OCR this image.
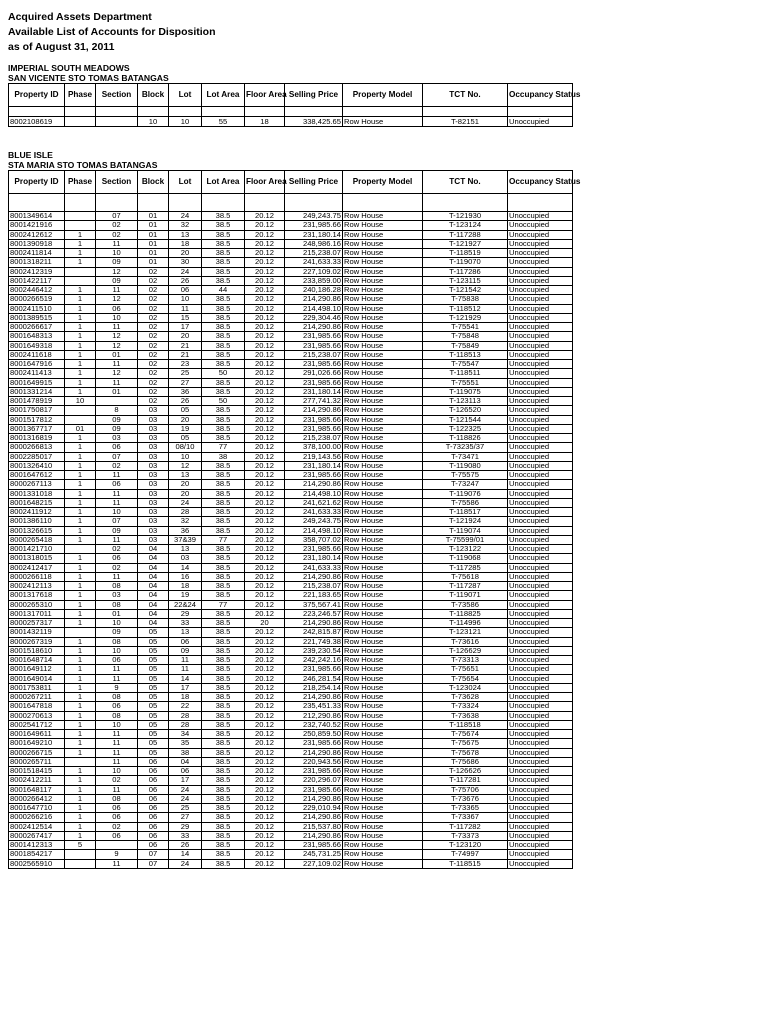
Acquired Assets Department
Available List of Accounts for Disposition
as of August 31, 2011
IMPERIAL SOUTH MEADOWS
SAN VICENTE STO TOMAS BATANGAS
Property ID	Phase	Section	Block	Lot	Lot Area	Floor Area	Selling Price	Property Model	TCT No.	Occupancy Status

8002108619			10	10	55	18	338,425.65	Row House	T-82151	Unoccupied
BLUE ISLE
STA MARIA STO TOMAS BATANGAS
Property ID	Phase	Section	Block	Lot	Lot Area	Floor Area	Selling Price	Property Model	TCT No.	Occupancy Status

8001349614		07	01	24	38.5	20.12	249,243.75	Row House	T-121930	Unoccupied
8001421916		02	01	32	38.5	20.12	231,985.66	Row House	T-123124	Unoccupied
8002412612	1	02	01	13	38.5	20.12	231,180.14	Row House	T-117288	Unoccupied
8001390918	1	11	01	18	38.5	20.12	248,986.16	Row House	T-121927	Unoccupied
8002411814	1	10	01	20	38.5	20.12	215,238.07	Row House	T-118519	Unoccupied
8001318211	1	09	01	30	38.5	20.12	241,633.33	Row House	T-119070	Unoccupied
8002412319		12	02	24	38.5	20.12	227,109.02	Row House	T-117286	Unoccupied
8001422117		09	02	26	38.5	20.12	233,859.00	Row House	T-123115	Unoccupied
8002446412	1	11	02	06	44	20.12	240,186.28	Row House	T-121542	Unoccupied
8000266519	1	12	02	10	38.5	20.12	214,290.86	Row House	T-75838	Unoccupied
8002411510	1	06	02	11	38.5	20.12	214,498.10	Row House	T-118512	Unoccupied
8001389515	1	10	02	15	38.5	20.12	229,304.46	Row House	T-121929	Unoccupied
8000266617	1	11	02	17	38.5	20.12	214,290.86	Row House	T-75541	Unoccupied
8001648313	1	12	02	20	38.5	20.12	231,985.66	Row House	T-75848	Unoccupied
8001649318	1	12	02	21	38.5	20.12	231,985.66	Row House	T-75849	Unoccupied
8002411618	1	01	02	21	38.5	20.12	215,238.07	Row House	T-118513	Unoccupied
8001647916	1	11	02	23	38.5	20.12	231,985.66	Row House	T-75547	Unoccupied
8002411413	1	12	02	25	50	20.12	291,026.66	Row House	T-118511	Unoccupied
8001649915	1	11	02	27	38.5	20.12	231,985.66	Row House	T-75551	Unoccupied
8001331214	1	01	02	36	38.5	20.12	231,180.14	Row House	T-119075	Unoccupied
8001478919	10		02	26	50	20.12	277,741.32	Row House	T-123113	Unoccupied
8001750817		8	03	05	38.5	20.12	214,290.86	Row House	T-126520	Unoccupied
8001517812		09	03	20	38.5	20.12	231,985.66	Row House	T-121544	Unoccupied
8001367717	01	09	03	19	38.5	20.12	231,985.66	Row House	T-122325	Unoccupied
8001316819	1	03	03	05	38.5	20.12	215,238.07	Row House	T-118826	Unoccupied
8000266813	1	06	03	08/10	77	20.12	378,100.00	Row House	T-73235/37	Unoccupied
8002285017	1	07	03	10	38	20.12	219,143.56	Row House	T-73471	Unoccupied
8001326410	1	02	03	12	38.5	20.12	231,180.14	Row House	T-119080	Unoccupied
8001647612	1	11	03	13	38.5	20.12	231,985.66	Row House	T-75575	Unoccupied
8000267113	1	06	03	20	38.5	20.12	214,290.86	Row House	T-73247	Unoccupied
8001331018	1	11	03	20	38.5	20.12	214,498.10	Row House	T-119076	Unoccupied
8001648215	1	11	03	24	38.5	20.12	241,621.62	Row House	T-75586	Unoccupied
8002411912	1	10	03	28	38.5	20.12	241,633.33	Row House	T-118517	Unoccupied
8001386110	1	07	03	32	38.5	20.12	249,243.75	Row House	T-121924	Unoccupied
8001326615	1	09	03	36	38.5	20.12	214,498.10	Row House	T-119074	Unoccupied
8000265418	1	11	03	37&39	77	20.12	358,707.02	Row House	T-75599/01	Unoccupied
8001421710		02	04	13	38.5	20.12	231,985.66	Row House	T-123122	Unoccupied
8001318015	1	06	04	03	38.5	20.12	231,180.14	Row House	T-119068	Unoccupied
8002412417	1	02	04	14	38.5	20.12	241,633.33	Row House	T-117285	Unoccupied
8000266118	1	11	04	16	38.5	20.12	214,290.86	Row House	T-75618	Unoccupied
8002412113	1	08	04	18	38.5	20.12	215,238.07	Row House	T-117287	Unoccupied
8001317618	1	03	04	19	38.5	20.12	221,183.65	Row House	T-119071	Unoccupied
8000265310	1	08	04	22&24	77	20.12	375,567.41	Row House	T-73586	Unoccupied
8001317011	1	01	04	29	38.5	20.12	223,246.57	Row House	T-118825	Unoccupied
8000257317	1	10	04	33	38.5	20	214,290.86	Row House	T-114996	Unoccupied
8001432119		09	05	13	38.5	20.12	242,815.87	Row House	T-123121	Unoccupied
8000267319	1	08	05	06	38.5	20.12	221,749.38	Row House	T-73616	Unoccupied
8001518610	1	10	05	09	38.5	20.12	239,230.54	Row House	T-126629	Unoccupied
8001648714	1	06	05	11	38.5	20.12	242,242.16	Row House	T-73313	Unoccupied
8001649112	1	11	05	11	38.5	20.12	231,985.66	Row House	T-75651	Unoccupied
8001649014	1	11	05	14	38.5	20.12	246,281.54	Row House	T-75654	Unoccupied
8001753811	1	9	05	17	38.5	20.12	218,254.14	Row House	T-123024	Unoccupied
8000267211	1	08	05	18	38.5	20.12	214,290.86	Row House	T-73628	Unoccupied
8001647818	1	06	05	22	38.5	20.12	235,451.33	Row House	T-73324	Unoccupied
8000270613	1	08	05	28	38.5	20.12	212,290.86	Row House	T-73638	Unoccupied
8002541712	1	10	05	28	38.5	20.12	232,740.52	Row House	T-118518	Unoccupied
8001649611	1	11	05	34	38.5	20.12	250,859.50	Row House	T-75674	Unoccupied
8001649210	1	11	05	35	38.5	20.12	231,985.66	Row House	T-75675	Unoccupied
8000266715	1	11	05	38	38.5	20.12	214,290.86	Row House	T-75678	Unoccupied
8000265711		11	06	04	38.5	20.12	220,943.56	Row House	T-75686	Unoccupied
8001518415	1	10	06	06	38.5	20.12	231,985.66	Row House	T-126626	Unoccupied
8002412211	1	02	06	17	38.5	20.12	220,296.07	Row House	T-117281	Unoccupied
8001648117	1	11	06	24	38.5	20.12	231,985.66	Row House	T-75706	Unoccupied
8000266412	1	08	06	24	38.5	20.12	214,290.86	Row House	T-73676	Unoccupied
8001647710	1	06	06	25	38.5	20.12	229,010.94	Row House	T-73365	Unoccupied
8000266216	1	06	06	27	38.5	20.12	214,290.86	Row House	T-73367	Unoccupied
8002412514	1	02	06	29	38.5	20.12	215,537.80	Row House	T-117282	Unoccupied
8000267417	1	06	06	33	38.5	20.12	214,290.86	Row House	T-73373	Unoccupied
8001412313	5		06	26	38.5	20.12	231,985.66	Row House	T-123120	Unoccupied
8001854217		9	07	14	38.5	20.12	245,731.25	Row House	T-74997	Unoccupied
8002565910		11	07	24	38.5	20.12	227,109.02	Row House	T-118515	Unoccupied
